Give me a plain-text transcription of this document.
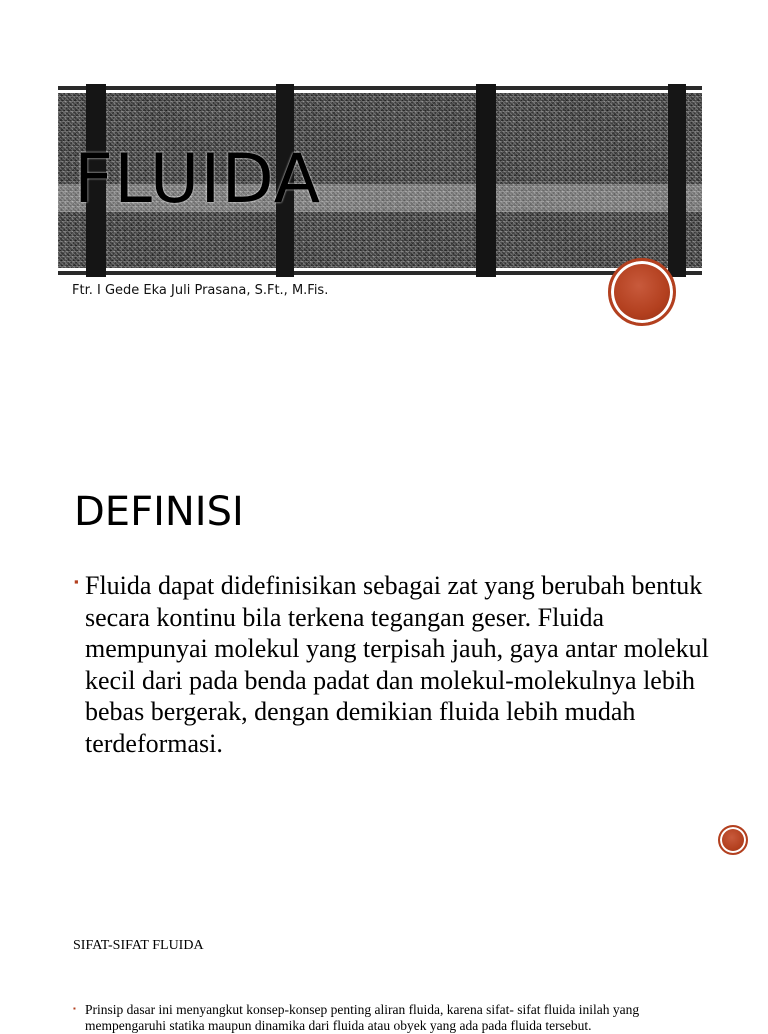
FLUIDA
Ftr. I Gede Eka Juli Prasana, S.Ft., M.Fis.
DEFINISI
▪ Fluida dapat didefinisikan sebagai zat yang berubah bentuk secara kontinu bila terkena tegangan geser. Fluida mempunyai molekul yang terpisah jauh, gaya antar molekul kecil dari pada benda padat dan molekul-molekulnya lebih bebas bergerak, dengan demikian fluida lebih mudah terdeformasi.
SIFAT-SIFAT FLUIDA
▪ Prinsip dasar ini menyangkut konsep-konsep penting aliran fluida, karena sifat- sifat fluida inilah yang mempengaruhi statika maupun dinamika dari fluida atau obyek yang ada pada fluida tersebut.
